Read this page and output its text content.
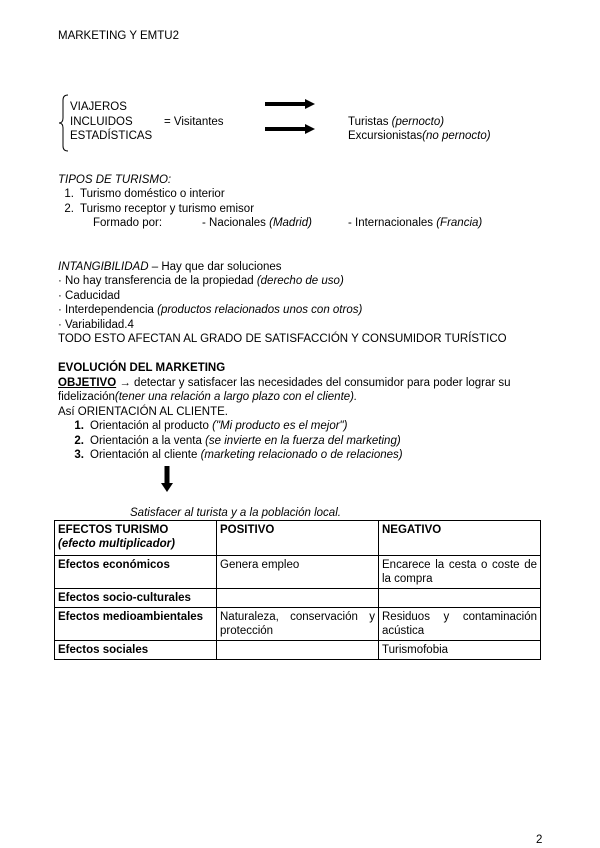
MARKETING Y EMTU2
VIAJEROS
INCLUIDOS	= Visitantes
ESTADÍSTICAS
Turistas (pernocto)
Excursionistas(no pernocto)
TIPOS DE TURISMO:
1. Turismo doméstico o interior
2. Turismo receptor y turismo emisor
Formado por:	- Nacionales (Madrid)	- Internacionales (Francia)
INTANGIBILIDAD – Hay que dar soluciones
· No hay transferencia de la propiedad (derecho de uso)
· Caducidad
· Interdependencia (productos relacionados unos con otros)
· Variabilidad.4
TODO ESTO AFECTAN AL GRADO DE SATISFACCIÓN Y CONSUMIDOR TURÍSTICO
EVOLUCIÓN DEL MARKETING
OBJETIVO → detectar y satisfacer las necesidades del consumidor para poder lograr su
fidelización(tener una relación a largo plazo con el cliente).
Así ORIENTACIÓN AL CLIENTE.
1. Orientación al producto ("Mi producto es el mejor")
2. Orientación a la venta (se invierte en la fuerza del marketing)
3. Orientación al cliente (marketing relacionado o de relaciones)
Satisfacer al turista y a la población local.
EFECTOS TURISMO
(efecto multiplicador)	POSITIVO	NEGATIVO
Efectos económicos	Genera empleo	Encarece la cesta o coste de la compra
Efectos socio-culturales		
Efectos medioambientales	Naturaleza, conservación y protección	Residuos y contaminación acústica
Efectos sociales		Turismofobia
2
